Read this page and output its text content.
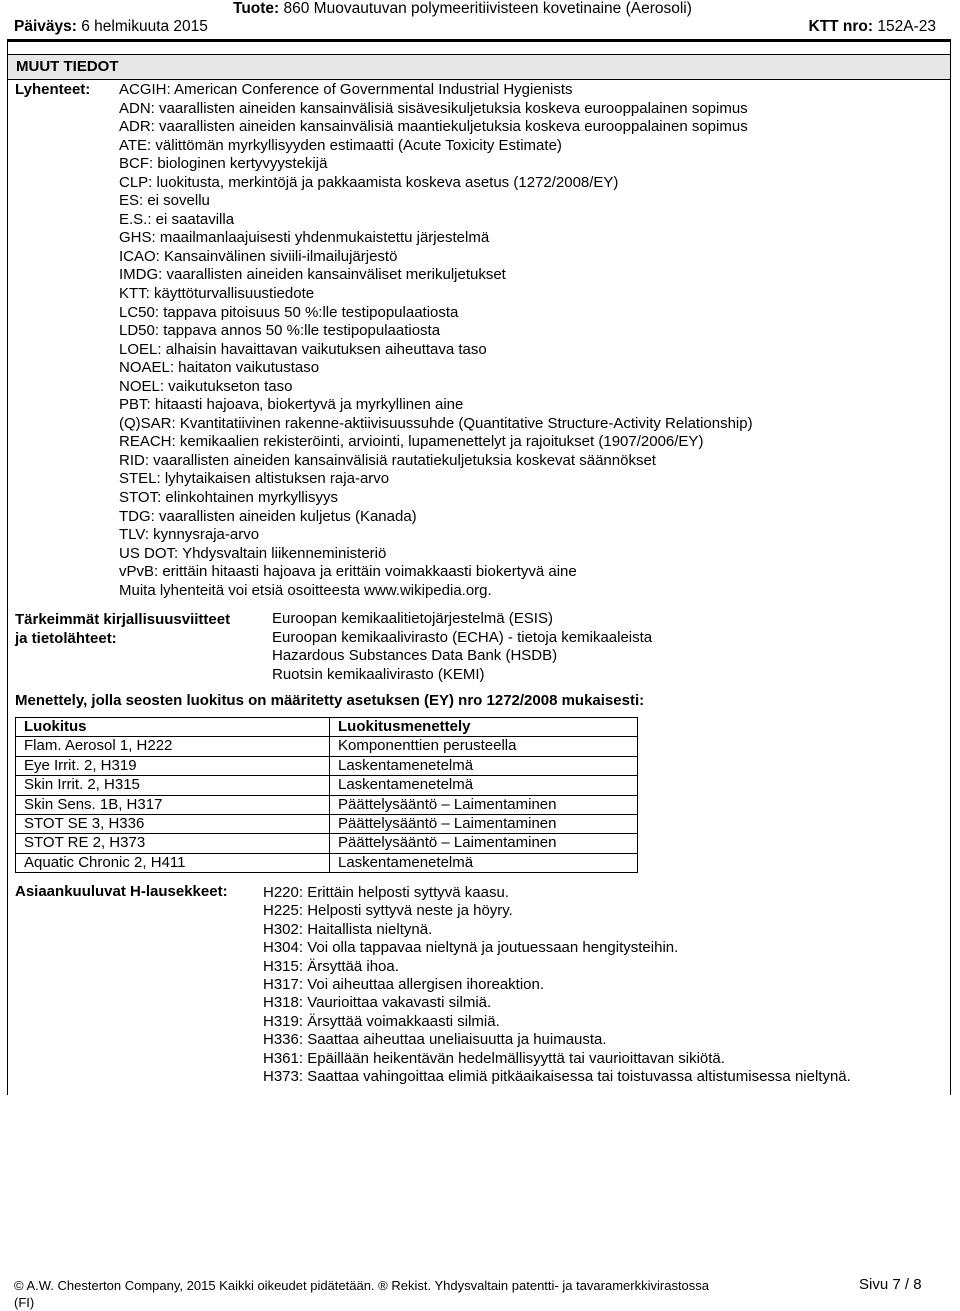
Tuote: 860 Muovautuvan polymeeritiivisteen kovetinaine (Aerosoli)
Päiväys: 6 helmikuuta 2015	KTT nro: 152A-23
MUUT TIEDOT
Lyhenteet: ACGIH: American Conference of Governmental Industrial Hygienists
ADN: vaarallisten aineiden kansainvälisiä sisävesikuljetuksia koskeva eurooppalainen sopimus
ADR: vaarallisten aineiden kansainvälisiä maantiekuljetuksia koskeva eurooppalainen sopimus
ATE: välittömän myrkyllisyyden estimaatti (Acute Toxicity Estimate)
BCF: biologinen kertyvyystekijä
CLP: luokitusta, merkintöjä ja pakkaamista koskeva asetus (1272/2008/EY)
ES: ei sovellu
E.S.: ei saatavilla
GHS: maailmanlaajuisesti yhdenmukaistettu järjestelmä
ICAO: Kansainvälinen siviili-ilmailujärjestö
IMDG: vaarallisten aineiden kansainväliset merikuljetukset
KTT: käyttöturvallisuustiedote
LC50: tappava pitoisuus 50 %:lle testipopulaatiosta
LD50: tappava annos 50 %:lle testipopulaatiosta
LOEL: alhaisin havaittavan vaikutuksen aiheuttava taso
NOAEL: haitaton vaikutustaso
NOEL: vaikutukseton taso
PBT: hitaasti hajoava, biokertyvä ja myrkyllinen aine
(Q)SAR: Kvantitatiivinen rakenne-aktiivisuussuhde (Quantitative Structure-Activity Relationship)
REACH: kemikaalien rekisteröinti, arviointi, lupamenettelyt ja rajoitukset (1907/2006/EY)
RID: vaarallisten aineiden kansainvälisiä rautatiekuljetuksia koskevat säännökset
STEL: lyhytaikaisen altistuksen raja-arvo
STOT: elinkohtainen myrkyllisyys
TDG: vaarallisten aineiden kuljetus (Kanada)
TLV: kynnysraja-arvo
US DOT: Yhdysvaltain liikenneministeriö
vPvB: erittäin hitaasti hajoava ja erittäin voimakkaasti biokertyvä aine
Muita lyhenteitä voi etsiä osoitteesta www.wikipedia.org.
Tärkeimmät kirjallisuusviitteet
ja tietolähteet:
Euroopan kemikaalitietojärjestelmä (ESIS)
Euroopan kemikaalivirasto (ECHA) - tietoja kemikaaleista
Hazardous Substances Data Bank (HSDB)
Ruotsin kemikaalivirasto (KEMI)
Menettely, jolla seosten luokitus on määritetty asetuksen (EY) nro 1272/2008 mukaisesti:
Luokitus	Luokitusmenettely
Flam. Aerosol 1, H222	Komponenttien perusteella
Eye Irrit. 2, H319	Laskentamenetelmä
Skin Irrit. 2, H315	Laskentamenetelmä
Skin Sens. 1B, H317	Päättelysääntö – Laimentaminen
STOT SE 3, H336	Päättelysääntö – Laimentaminen
STOT RE 2, H373	Päättelysääntö – Laimentaminen
Aquatic Chronic 2, H411	Laskentamenetelmä
Asiaankuuluvat H-lausekkeet: H220: Erittäin helposti syttyvä kaasu.
H225: Helposti syttyvä neste ja höyry.
H302: Haitallista nieltynä.
H304: Voi olla tappavaa nieltynä ja joutuessaan hengitysteihin.
H315: Ärsyttää ihoa.
H317: Voi aiheuttaa allergisen ihoreaktion.
H318: Vaurioittaa vakavasti silmiä.
H319: Ärsyttää voimakkaasti silmiä.
H336: Saattaa aiheuttaa uneliaisuutta ja huimausta.
H361: Epäillään heikentävän hedelmällisyyttä tai vaurioittavan sikiötä.
H373: Saattaa vahingoittaa elimiä pitkäaikaisessa tai toistuvassa altistumisessa nieltynä.
© A.W. Chesterton Company, 2015 Kaikki oikeudet pidätetään. ® Rekist. Yhdysvaltain patentti- ja tavaramerkkivirastossa
(FI)
Sivu 7 / 8
